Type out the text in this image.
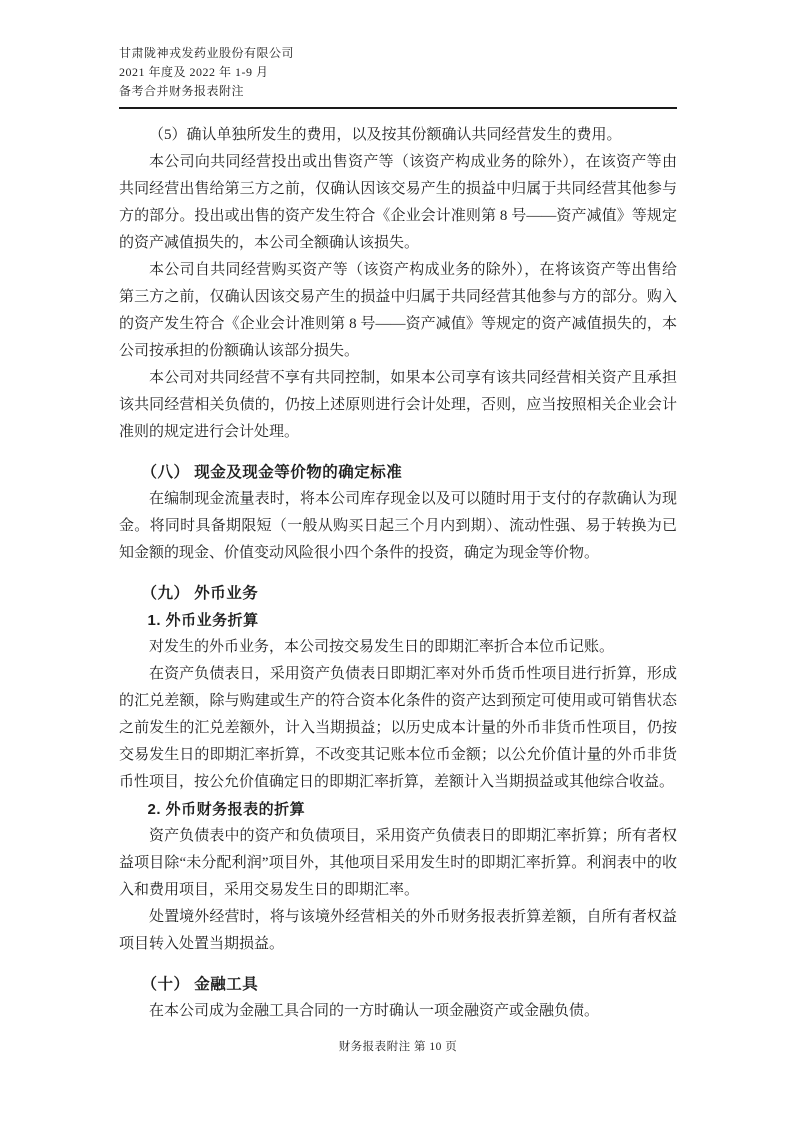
甘肃陇神戎发药业股份有限公司
2021 年度及 2022 年 1-9 月
备考合并财务报表附注

（5）确认单独所发生的费用，以及按其份额确认共同经营发生的费用。

本公司向共同经营投出或出售资产等（该资产构成业务的除外），在该资产等由共同经营出售给第三方之前，仅确认因该交易产生的损益中归属于共同经营其他参与方的部分。投出或出售的资产发生符合《企业会计准则第 8 号——资产减值》等规定的资产减值损失的，本公司全额确认该损失。

本公司自共同经营购买资产等（该资产构成业务的除外），在将该资产等出售给第三方之前，仅确认因该交易产生的损益中归属于共同经营其他参与方的部分。购入的资产发生符合《企业会计准则第 8 号——资产减值》等规定的资产减值损失的，本公司按承担的份额确认该部分损失。

本公司对共同经营不享有共同控制，如果本公司享有该共同经营相关资产且承担该共同经营相关负债的，仍按上述原则进行会计处理，否则，应当按照相关企业会计准则的规定进行会计处理。

（八） 现金及现金等价物的确定标准

在编制现金流量表时，将本公司库存现金以及可以随时用于支付的存款确认为现金。将同时具备期限短（一般从购买日起三个月内到期）、流动性强、易于转换为已知金额的现金、价值变动风险很小四个条件的投资，确定为现金等价物。

（九） 外币业务
1. 外币业务折算

对发生的外币业务，本公司按交易发生日的即期汇率折合本位币记账。

在资产负债表日，采用资产负债表日即期汇率对外币货币性项目进行折算，形成的汇兑差额，除与购建或生产的符合资本化条件的资产达到预定可使用或可销售状态之前发生的汇兑差额外，计入当期损益；以历史成本计量的外币非货币性项目，仍按交易发生日的即期汇率折算，不改变其记账本位币金额；以公允价值计量的外币非货币性项目，按公允价值确定日的即期汇率折算，差额计入当期损益或其他综合收益。

2. 外币财务报表的折算

资产负债表中的资产和负债项目，采用资产负债表日的即期汇率折算；所有者权益项目除“未分配利润”项目外，其他项目采用发生时的即期汇率折算。利润表中的收入和费用项目，采用交易发生日的即期汇率。

处置境外经营时，将与该境外经营相关的外币财务报表折算差额，自所有者权益项目转入处置当期损益。

（十） 金融工具

在本公司成为金融工具合同的一方时确认一项金融资产或金融负债。

财务报表附注 第 10 页
